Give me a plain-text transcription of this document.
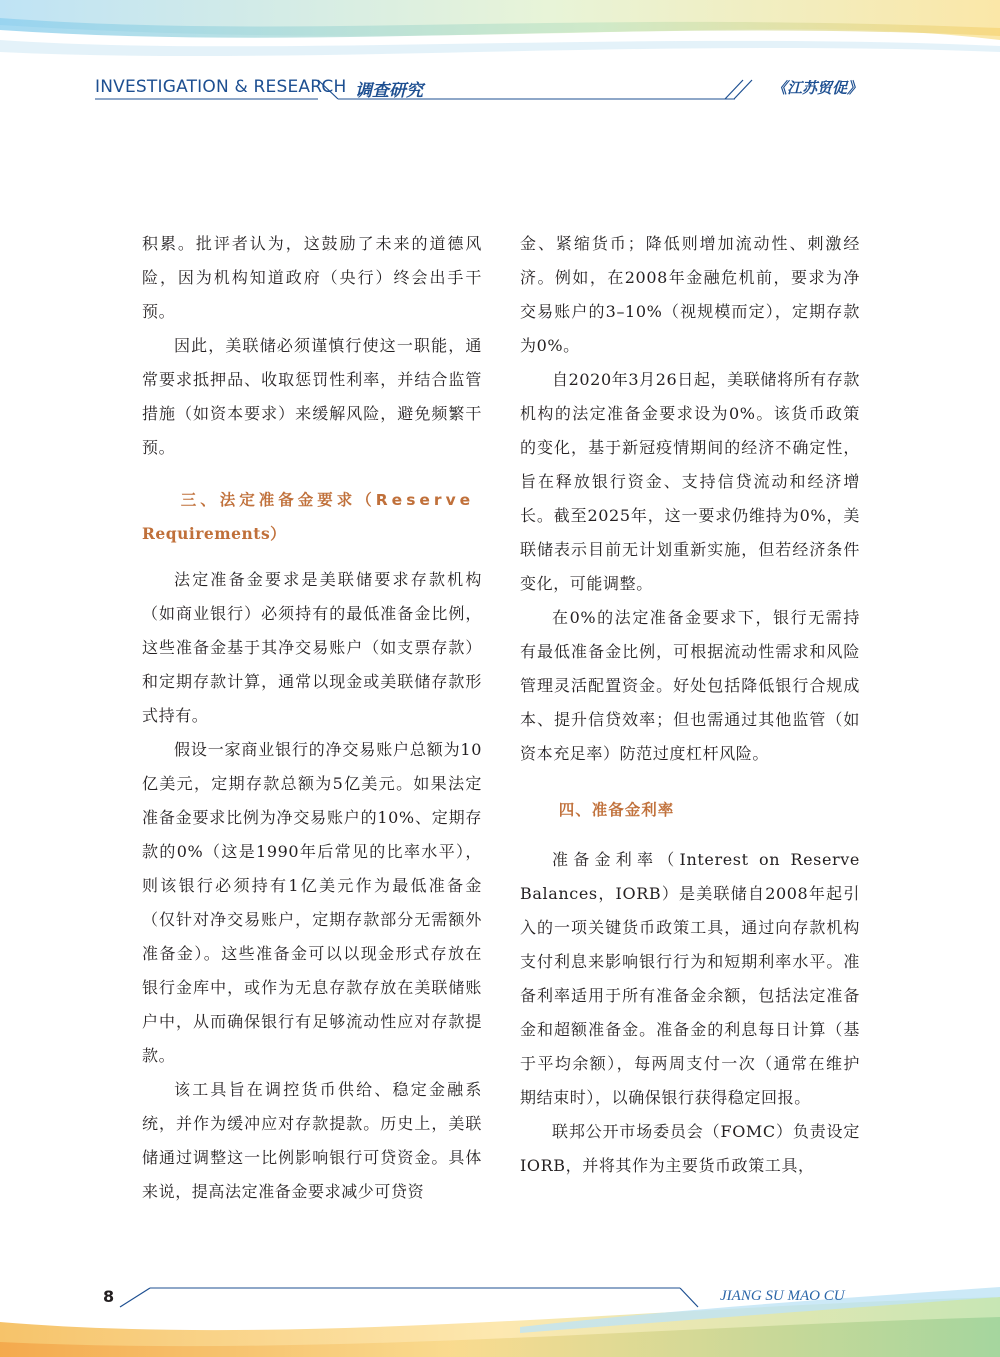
INVESTIGATION & RESEARCH 调查研究	《江苏贸促》

积累。批评者认为，这鼓励了未来的道德风险，因为机构知道政府（央行）终会出手干预。

因此，美联储必须谨慎行使这一职能，通常要求抵押品、收取惩罚性利率，并结合监管措施（如资本要求）来缓解风险，避免频繁干预。

三、法定准备金要求（Reserve

Requirements）

法定准备金要求是美联储要求存款机构（如商业银行）必须持有的最低准备金比例，这些准备金基于其净交易账户（如支票存款）和定期存款计算，通常以现金或美联储存款形式持有。

假设一家商业银行的净交易账户总额为10亿美元，定期存款总额为5亿美元。如果法定准备金要求比例为净交易账户的10%、定期存款的0%（这是1990年后常见的比率水平），则该银行必须持有1亿美元作为最低准备金（仅针对净交易账户，定期存款部分无需额外准备金）。这些准备金可以以现金形式存放在银行金库中，或作为无息存款存放在美联储账户中，从而确保银行有足够流动性应对存款提款。

该工具旨在调控货币供给、稳定金融系统，并作为缓冲应对存款提款。历史上，美联储通过调整这一比例影响银行可贷资金。具体来说，提高法定准备金要求减少可贷资

金、紧缩货币；降低则增加流动性、刺激经济。例如，在2008年金融危机前，要求为净交易账户的3–10%（视规模而定），定期存款为0%。

自2020年3月26日起，美联储将所有存款机构的法定准备金要求设为0%。该货币政策的变化，基于新冠疫情期间的经济不确定性，旨在释放银行资金、支持信贷流动和经济增长。截至2025年，这一要求仍维持为0%，美联储表示目前无计划重新实施，但若经济条件变化，可能调整。

在0%的法定准备金要求下，银行无需持有最低准备金比例，可根据流动性需求和风险管理灵活配置资金。好处包括降低银行合规成本、提升信贷效率；但也需通过其他监管（如资本充足率）防范过度杠杆风险。

四、准备金利率

准备金利率（Interest on Reserve Balances，IORB）是美联储自2008年起引入的一项关键货币政策工具，通过向存款机构支付利息来影响银行行为和短期利率水平。准备利率适用于所有准备金余额，包括法定准备金和超额准备金。准备金的利息每日计算（基于平均余额），每两周支付一次（通常在维护期结束时），以确保银行获得稳定回报。

联邦公开市场委员会（FOMC）负责设定IORB，并将其作为主要货币政策工具，

8	JIANG SU MAO CU
